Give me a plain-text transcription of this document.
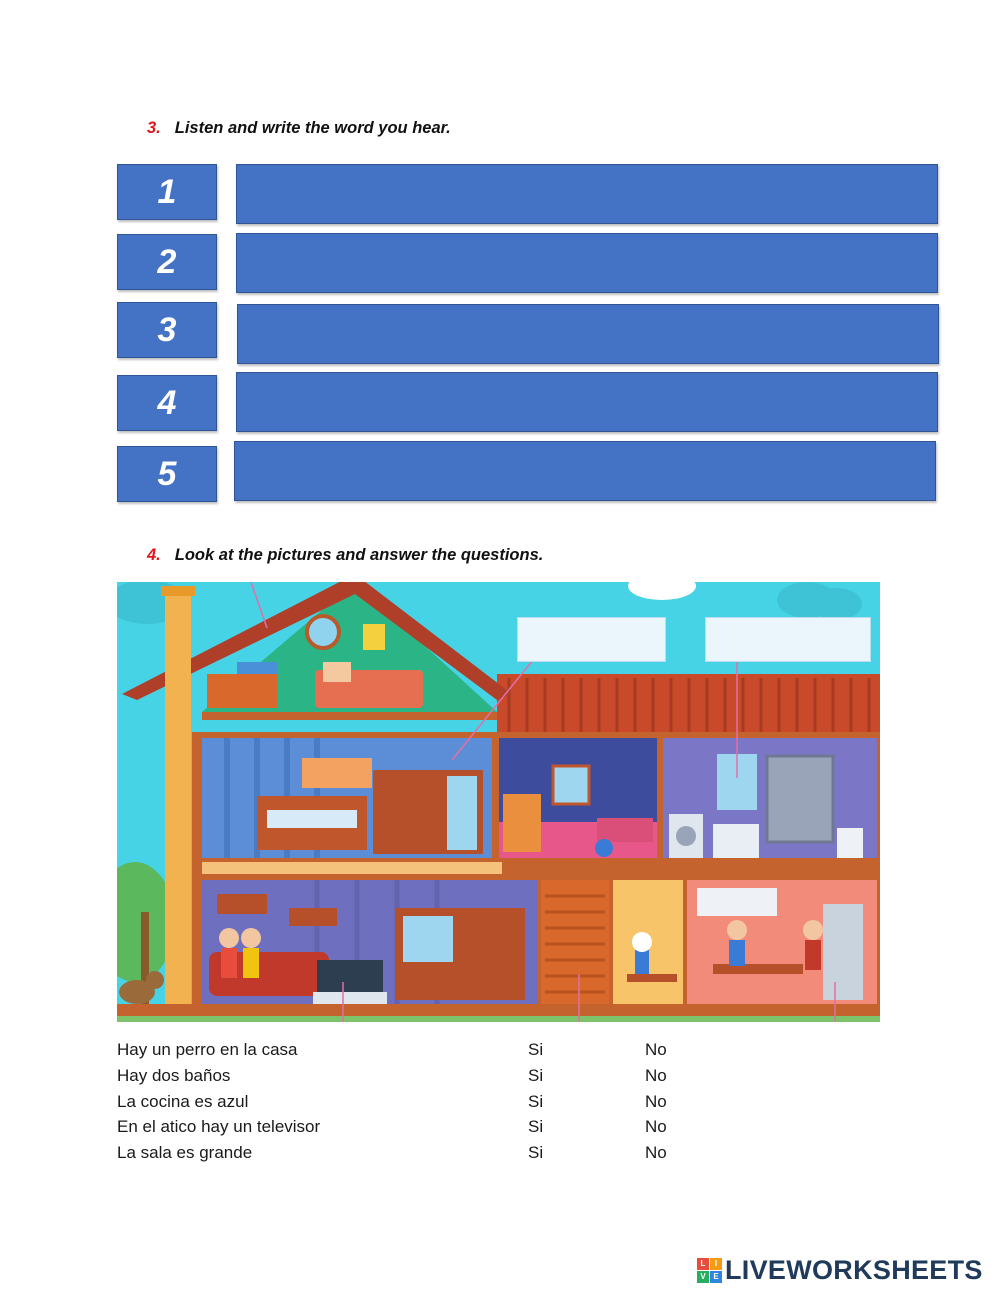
3. Listen and write the word you hear.
1
2
3
4
5
4. Look at the pictures and answer the questions.
Hay un perro en la casa	Si	No
Hay dos baños	Si	No
La cocina es azul	Si	No
En el atico hay un televisor	Si	No
La sala es grande	Si	No
L	I
V E LIVEWORKSHEETS
